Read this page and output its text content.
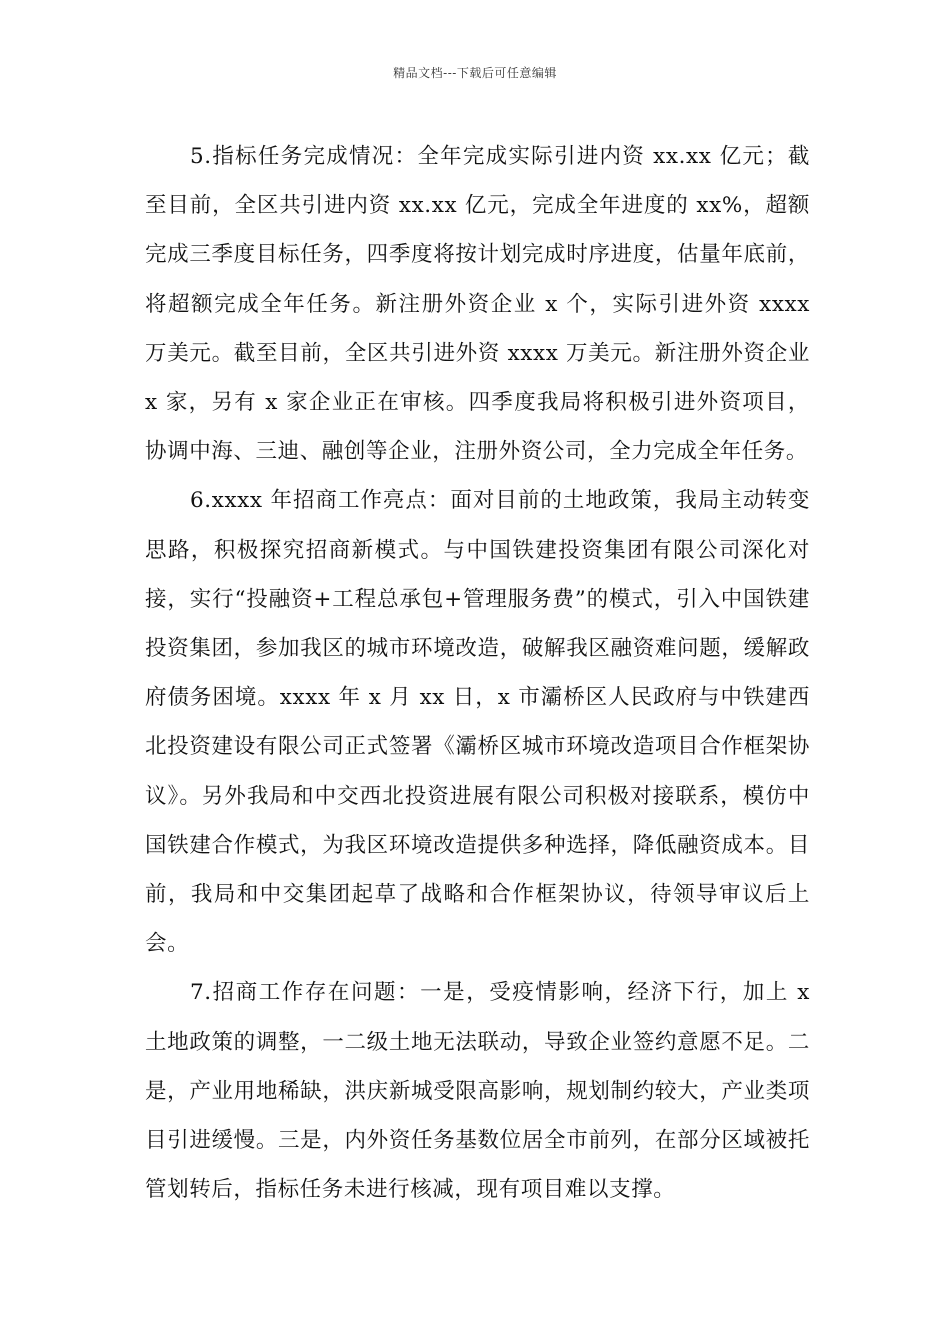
精品文档---下载后可任意编辑

5.指标任务完成情况：全年完成实际引进内资 xx.xx 亿元；截至目前，全区共引进内资 xx.xx 亿元，完成全年进度的 xx%，超额完成三季度目标任务，四季度将按计划完成时序进度，估量年底前，将超额完成全年任务。新注册外资企业 x 个，实际引进外资 xxxx 万美元。截至目前，全区共引进外资 xxxx 万美元。新注册外资企业 x 家，另有 x 家企业正在审核。四季度我局将积极引进外资项目，协调中海、三迪、融创等企业，注册外资公司，全力完成全年任务。

6.xxxx 年招商工作亮点：面对目前的土地政策，我局主动转变思路，积极探究招商新模式。与中国铁建投资集团有限公司深化对接，实行“投融资+工程总承包+管理服务费”的模式，引入中国铁建投资集团，参加我区的城市环境改造，破解我区融资难问题，缓解政府债务困境。xxxx 年 x 月 xx 日，x 市灞桥区人民政府与中铁建西北投资建设有限公司正式签署《灞桥区城市环境改造项目合作框架协议》。另外我局和中交西北投资进展有限公司积极对接联系，模仿中国铁建合作模式，为我区环境改造提供多种选择，降低融资成本。目前，我局和中交集团起草了战略和合作框架协议，待领导审议后上会。

7.招商工作存在问题：一是，受疫情影响，经济下行，加上 x 土地政策的调整，一二级土地无法联动，导致企业签约意愿不足。二是，产业用地稀缺，洪庆新城受限高影响，规划制约较大，产业类项目引进缓慢。三是，内外资任务基数位居全市前列，在部分区域被托管划转后，指标任务未进行核减，现有项目难以支撑。
